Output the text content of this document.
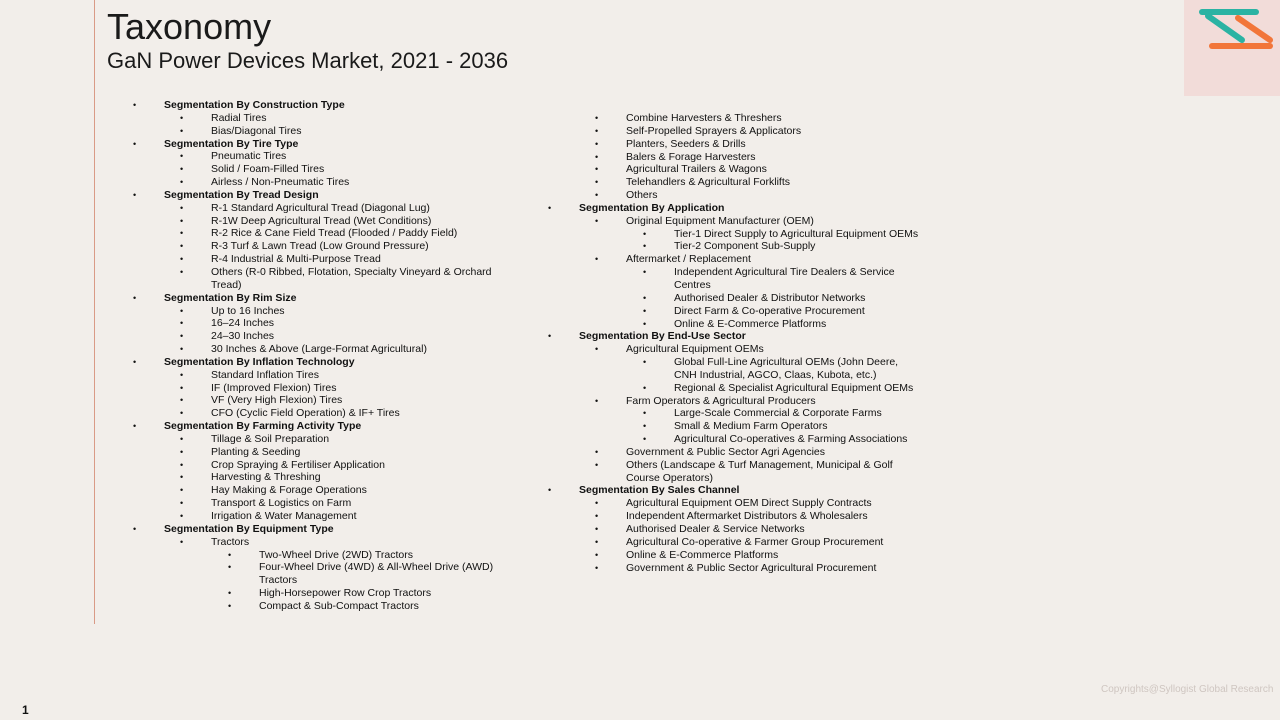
Taxonomy
GaN Power Devices Market, 2021 - 2036
•	Segmentation By Construction Type
•	Radial Tires
•	Bias/Diagonal Tires
•	Segmentation By Tire Type
•	Pneumatic Tires
•	Solid / Foam-Filled Tires
•	Airless / Non-Pneumatic Tires
•	Segmentation By Tread Design
•	R-1 Standard Agricultural Tread (Diagonal Lug)
•	R-1W Deep Agricultural Tread (Wet Conditions)
•	R-2 Rice & Cane Field Tread (Flooded / Paddy Field)
•	R-3 Turf & Lawn Tread (Low Ground Pressure)
•	R-4 Industrial & Multi-Purpose Tread
•	Others (R-0 Ribbed, Flotation, Specialty Vineyard & Orchard
Tread)
•	Segmentation By Rim Size
•	Up to 16 Inches
•	16–24 Inches
•	24–30 Inches
•	30 Inches & Above (Large-Format Agricultural)
•	Segmentation By Inflation Technology
•	Standard Inflation Tires
•	IF (Improved Flexion) Tires
•	VF (Very High Flexion) Tires
•	CFO (Cyclic Field Operation) & IF+ Tires
•	Segmentation By Farming Activity Type
•	Tillage & Soil Preparation
•	Planting & Seeding
•	Crop Spraying & Fertiliser Application
•	Harvesting & Threshing
•	Hay Making & Forage Operations
•	Transport & Logistics on Farm
•	Irrigation & Water Management
•	Segmentation By Equipment Type
•	Tractors
•	Two-Wheel Drive (2WD) Tractors
•	Four-Wheel Drive (4WD) & All-Wheel Drive (AWD)
Tractors
•	High-Horsepower Row Crop Tractors
•	Compact & Sub-Compact Tractors
•	Combine Harvesters & Threshers
•	Self-Propelled Sprayers & Applicators
•	Planters, Seeders & Drills
•	Balers & Forage Harvesters
•	Agricultural Trailers & Wagons
•	Telehandlers & Agricultural Forklifts
•	Others
•	Segmentation By Application
•	Original Equipment Manufacturer (OEM)
•	Tier-1 Direct Supply to Agricultural Equipment OEMs
•	Tier-2 Component Sub-Supply
•	Aftermarket / Replacement
•	Independent Agricultural Tire Dealers & Service
Centres
•	Authorised Dealer & Distributor Networks
•	Direct Farm & Co-operative Procurement
•	Online & E-Commerce Platforms
•	Segmentation By End-Use Sector
•	Agricultural Equipment OEMs
•	Global Full-Line Agricultural OEMs (John Deere,
CNH Industrial, AGCO, Claas, Kubota, etc.)
•	Regional & Specialist Agricultural Equipment OEMs
•	Farm Operators & Agricultural Producers
•	Large-Scale Commercial & Corporate Farms
•	Small & Medium Farm Operators
•	Agricultural Co-operatives & Farming Associations
•	Government & Public Sector Agri Agencies
•	Others (Landscape & Turf Management, Municipal & Golf
Course Operators)
•	Segmentation By Sales Channel
•	Agricultural Equipment OEM Direct Supply Contracts
•	Independent Aftermarket Distributors & Wholesalers
•	Authorised Dealer & Service Networks
•	Agricultural Co-operative & Farmer Group Procurement
•	Online & E-Commerce Platforms
•	Government & Public Sector Agricultural Procurement
Copyrights@Syllogist Global Research
1
